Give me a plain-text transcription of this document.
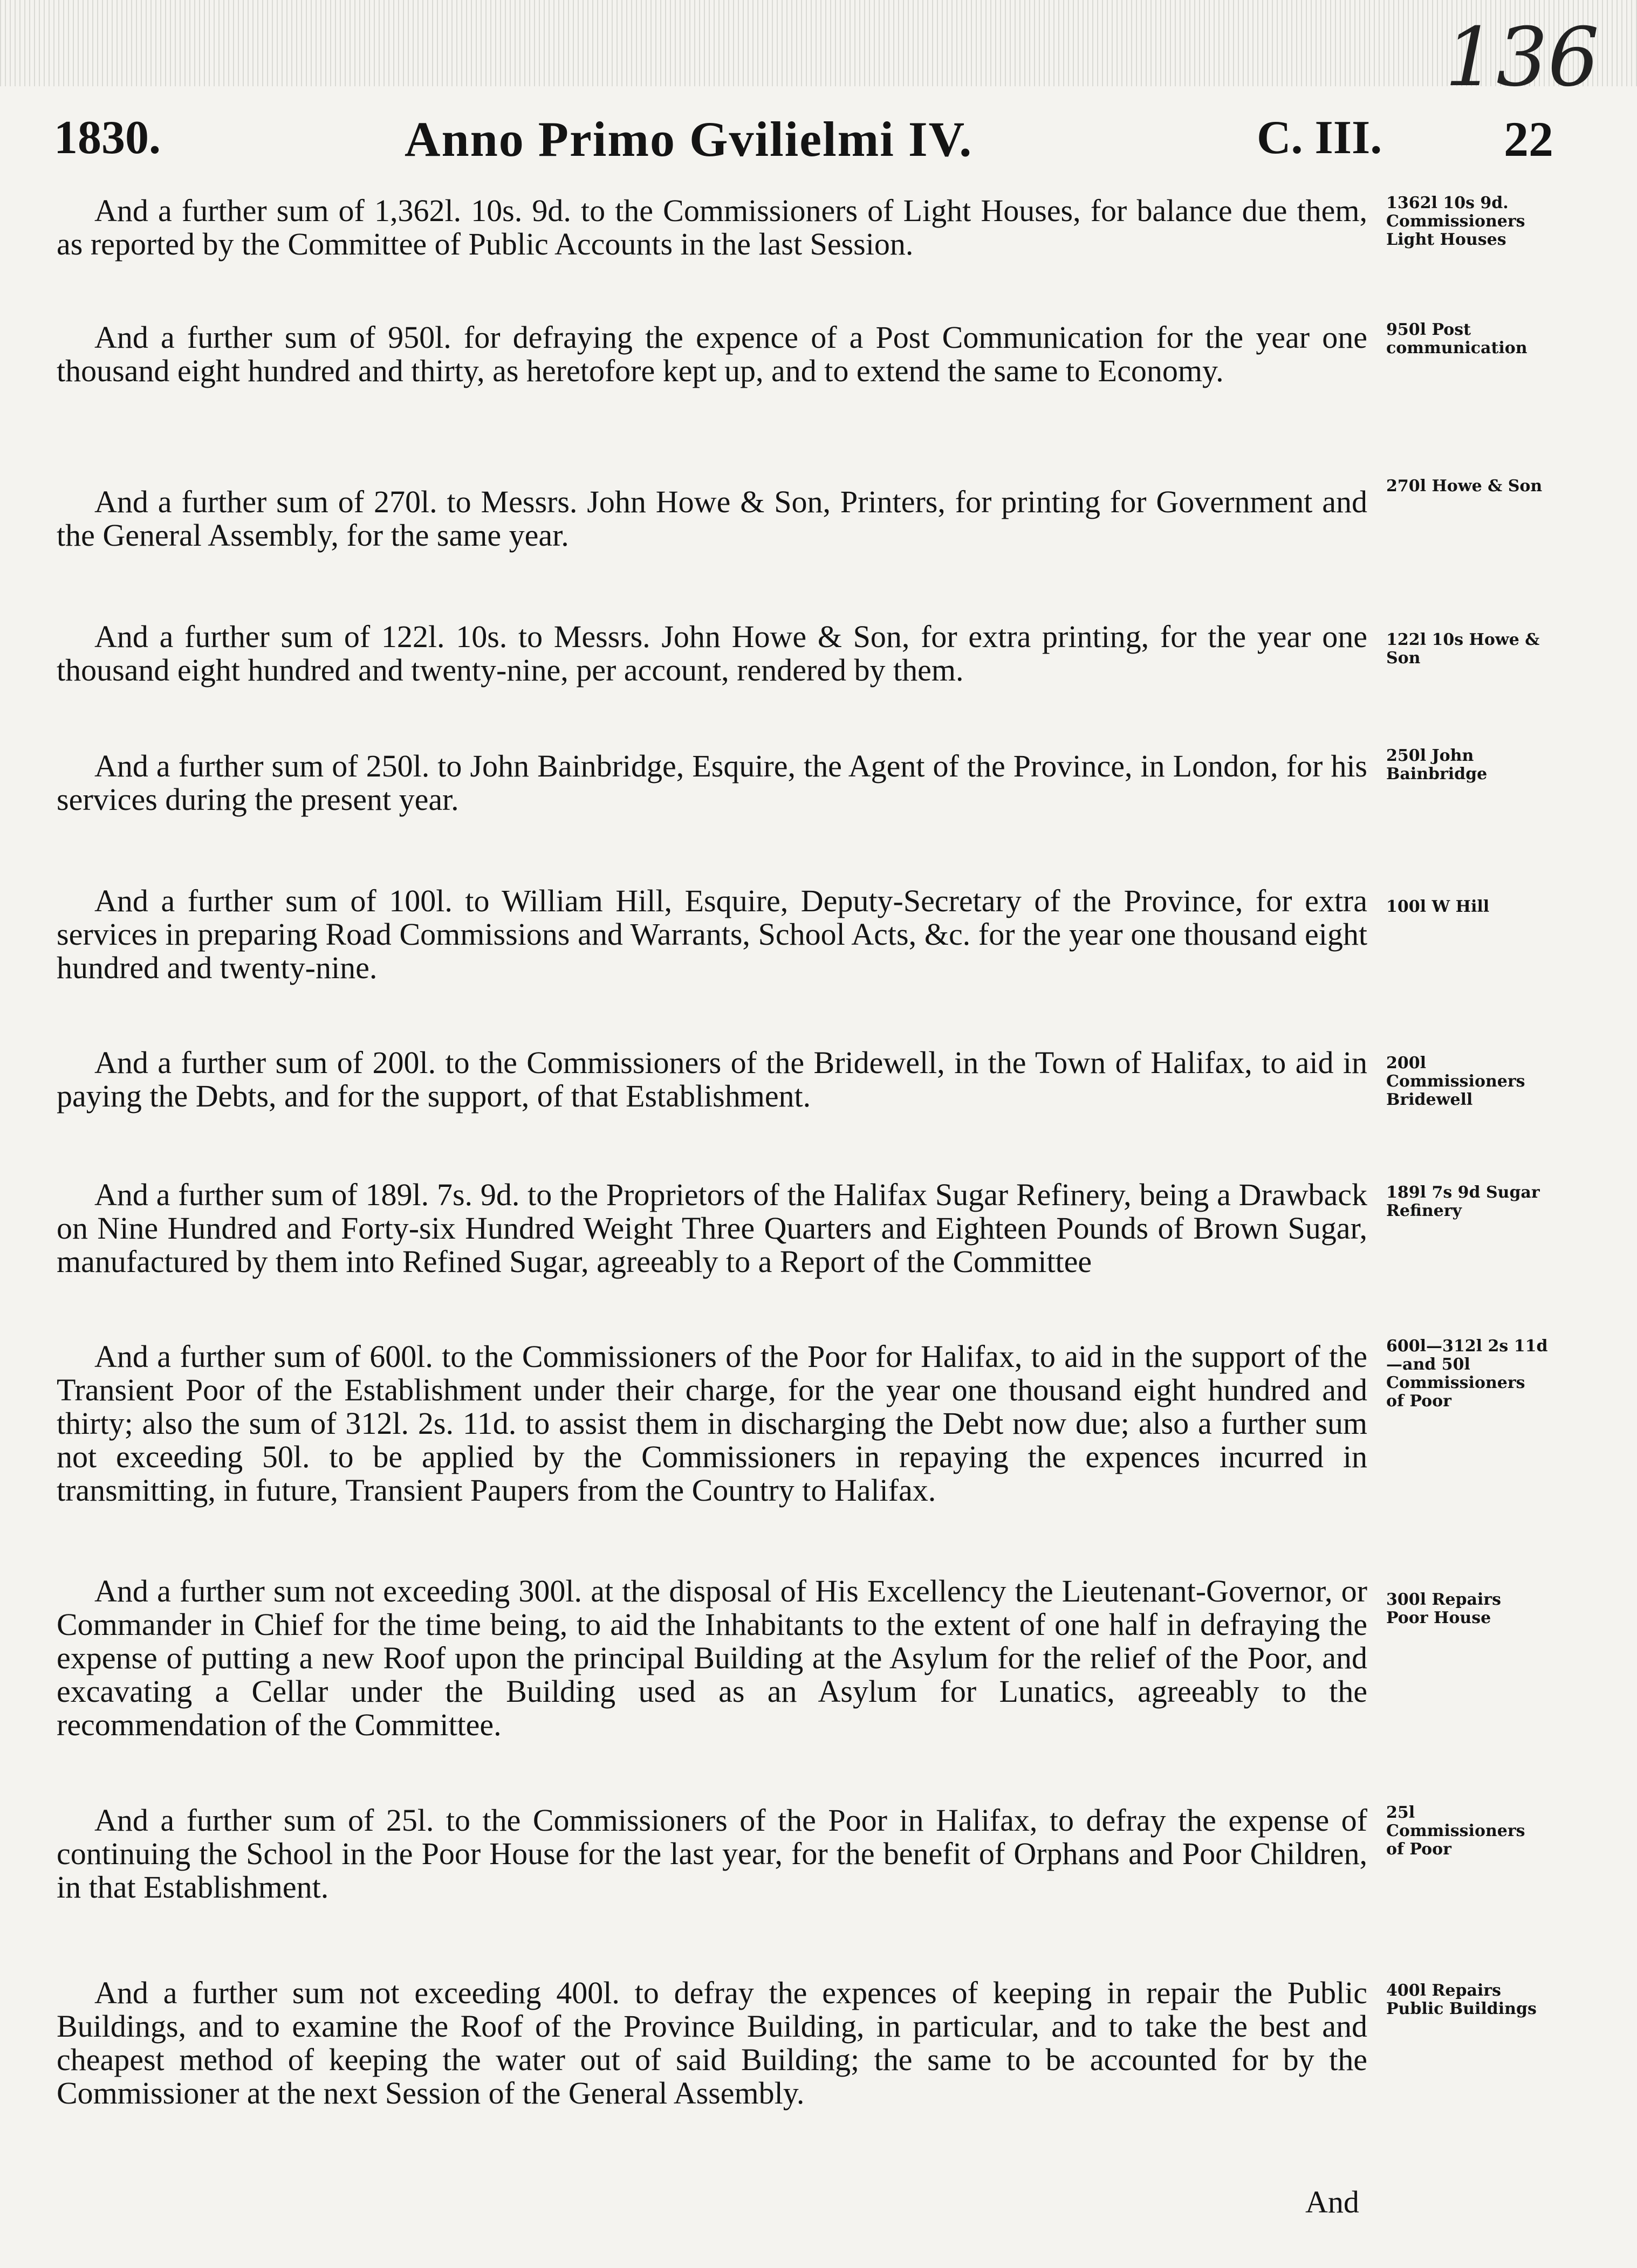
136
1830.	Anno Primo Gvilielmi IV.	C. III. 22
And a further sum of 1,362l. 10s. 9d. to the Commissioners of Light Houses, for balance due them, as reported by the Committee of Public Accounts in the last Session.
1362l 10s 9d. Commissioners Light Houses
And a further sum of 950l. for defraying the expence of a Post Communication for the year one thousand eight hundred and thirty, as heretofore kept up, and to extend the same to Economy.
950l Post communication
And a further sum of 270l. to Messrs. John Howe & Son, Printers, for printing for Government and the General Assembly, for the same year.
270l Howe & Son
And a further sum of 122l. 10s. to Messrs. John Howe & Son, for extra printing, for the year one thousand eight hundred and twenty-nine, per account, rendered by them.
122l 10s Howe & Son
And a further sum of 250l. to John Bainbridge, Esquire, the Agent of the Province, in London, for his services during the present year.
250l John Bainbridge
And a further sum of 100l. to William Hill, Esquire, Deputy-Secretary of the Province, for extra services in preparing Road Commissions and Warrants, School Acts, &c. for the year one thousand eight hundred and twenty-nine.
100l W Hill
And a further sum of 200l. to the Commissioners of the Bridewell, in the Town of Halifax, to aid in paying the Debts, and for the support, of that Establishment.
200l Commissioners Bridewell
And a further sum of 189l. 7s. 9d. to the Proprietors of the Halifax Sugar Refinery, being a Drawback on Nine Hundred and Forty-six Hundred Weight Three Quarters and Eighteen Pounds of Brown Sugar, manufactured by them into Refined Sugar, agreeably to a Report of the Committee
189l 7s 9d Sugar Refinery
And a further sum of 600l. to the Commissioners of the Poor for Halifax, to aid in the support of the Transient Poor of the Establishment under their charge, for the year one thousand eight hundred and thirty; also the sum of 312l. 2s. 11d. to assist them in discharging the Debt now due; also a further sum not exceeding 50l. to be applied by the Commissioners in repaying the expences incurred in transmitting, in future, Transient Paupers from the Country to Halifax.
600l—312l 2s 11d—and 50l Commissioners of Poor
And a further sum not exceeding 300l. at the disposal of His Excellency the Lieutenant-Governor, or Commander in Chief for the time being, to aid the Inhabitants to the extent of one half in defraying the expense of putting a new Roof upon the principal Building at the Asylum for the relief of the Poor, and excavating a Cellar under the Building used as an Asylum for Lunatics, agreeably to the recommendation of the Committee.
300l Repairs Poor House
And a further sum of 25l. to the Commissioners of the Poor in Halifax, to defray the expense of continuing the School in the Poor House for the last year, for the benefit of Orphans and Poor Children, in that Establishment.
25l Commissioners of Poor
And a further sum not exceeding 400l. to defray the expences of keeping in repair the Public Buildings, and to examine the Roof of the Province Building, in particular, and to take the best and cheapest method of keeping the water out of said Building; the same to be accounted for by the Commissioner at the next Session of the General Assembly.
400l Repairs Public Buildings
And
